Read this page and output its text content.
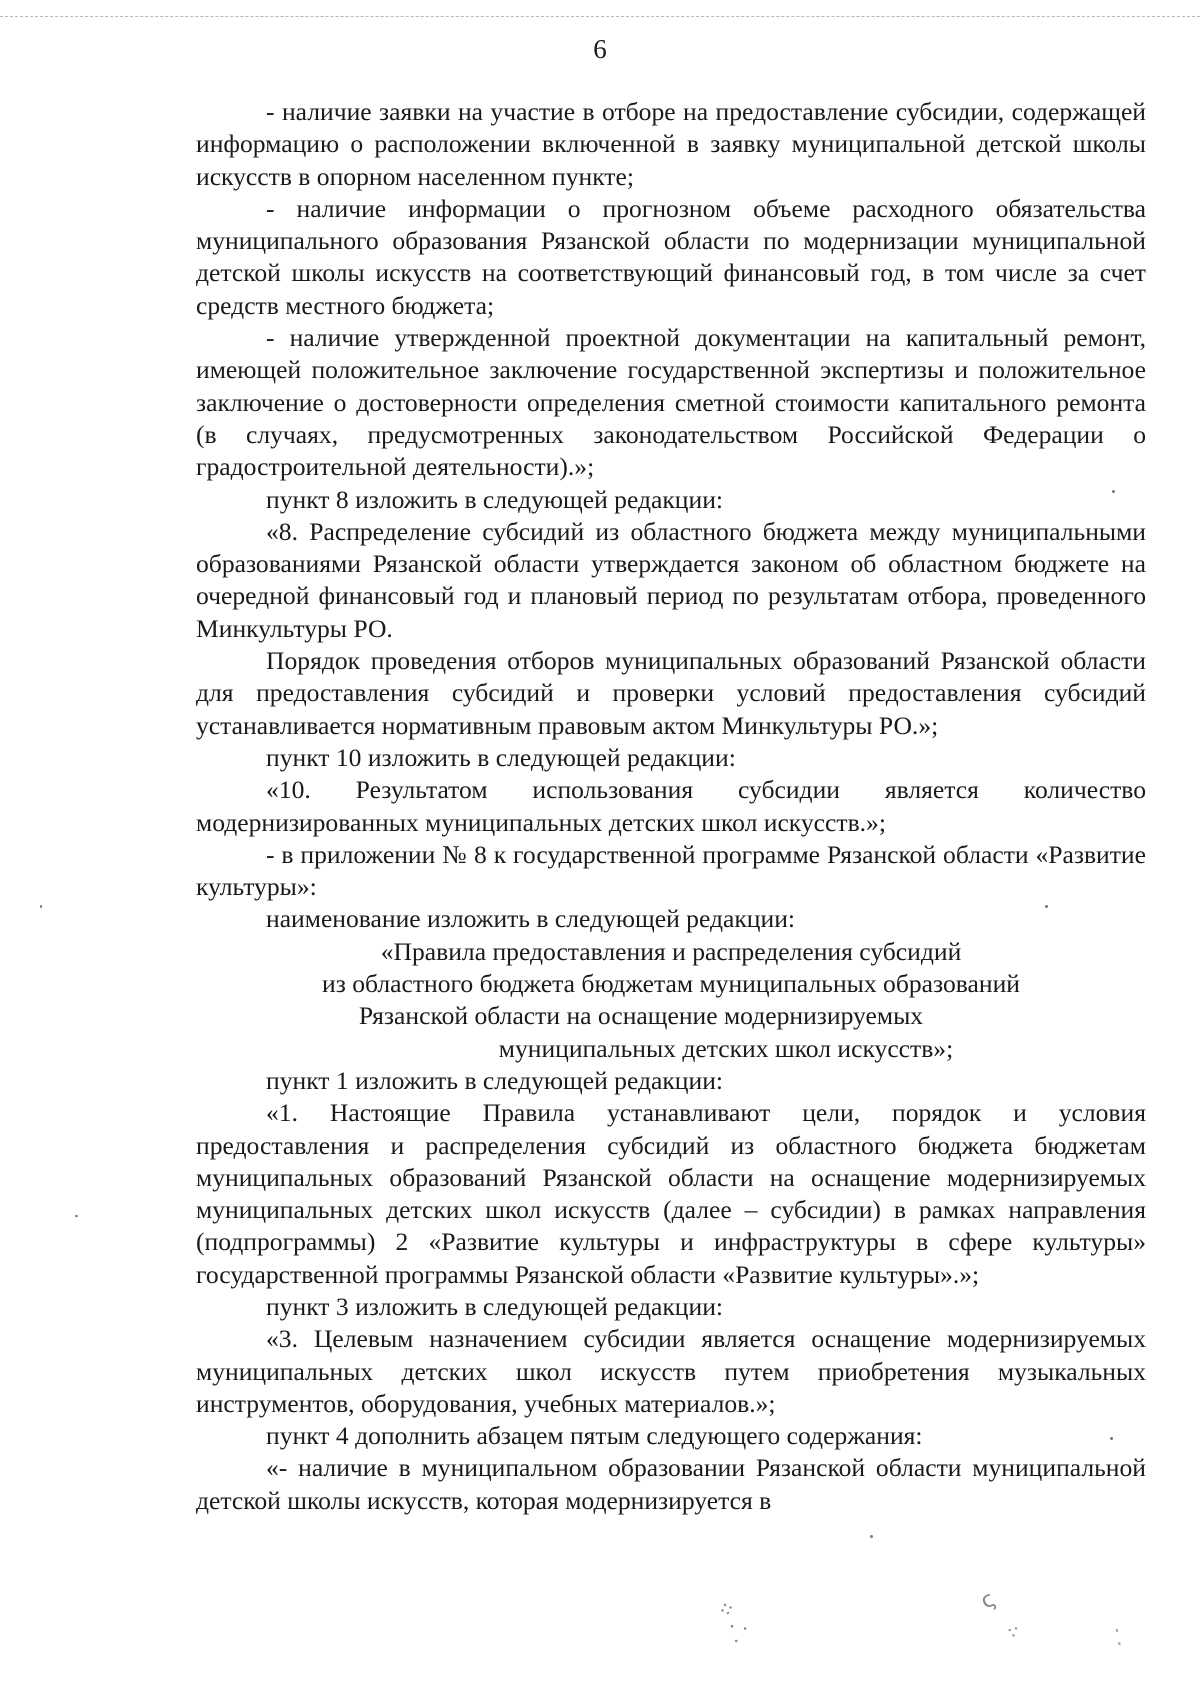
6

- наличие заявки на участие в отборе на предоставление субсидии, содержащей информацию о расположении включенной в заявку муниципальной детской школы искусств в опорном населенном пункте;

- наличие информации о прогнозном объеме расходного обязательства муниципального образования Рязанской области по модернизации муниципальной детской школы искусств на соответствующий финансовый год, в том числе за счет средств местного бюджета;

- наличие утвержденной проектной документации на капитальный ремонт, имеющей положительное заключение государственной экспертизы и положительное заключение о достоверности определения сметной стоимости капитального ремонта (в случаях, предусмотренных законодательством Российской Федерации о градостроительной деятельности).»;

пункт 8 изложить в следующей редакции:

«8. Распределение субсидий из областного бюджета между муниципальными образованиями Рязанской области утверждается законом об областном бюджете на очередной финансовый год и плановый период по результатам отбора, проведенного Минкультуры РО.

Порядок проведения отборов муниципальных образований Рязанской области для предоставления субсидий и проверки условий предоставления субсидий устанавливается нормативным правовым актом Минкультуры РО.»;

пункт 10 изложить в следующей редакции:

«10. Результатом использования субсидии является количество модернизированных муниципальных детских школ искусств.»;

- в приложении № 8 к государственной программе Рязанской области «Развитие культуры»:

наименование изложить в следующей редакции:

«Правила предоставления и распределения субсидий
из областного бюджета бюджетам муниципальных образований
Рязанской области на оснащение модернизируемых
муниципальных детских школ искусств»;

пункт 1 изложить в следующей редакции:

«1. Настоящие Правила устанавливают цели, порядок и условия предоставления и распределения субсидий из областного бюджета бюджетам муниципальных образований Рязанской области на оснащение модернизируемых муниципальных детских школ искусств (далее – субсидии) в рамках направления (подпрограммы) 2 «Развитие культуры и инфраструктуры в сфере культуры» государственной программы Рязанской области «Развитие культуры».»;

пункт 3 изложить в следующей редакции:

«3. Целевым назначением субсидии является оснащение модернизируемых муниципальных детских школ искусств путем приобретения музыкальных инструментов, оборудования, учебных материалов.»;

пункт 4 дополнить абзацем пятым следующего содержания:

«- наличие в муниципальном образовании Рязанской области муниципальной детской школы искусств, которая модернизируется в

⁘
⸪
ς
⁖	⁚
